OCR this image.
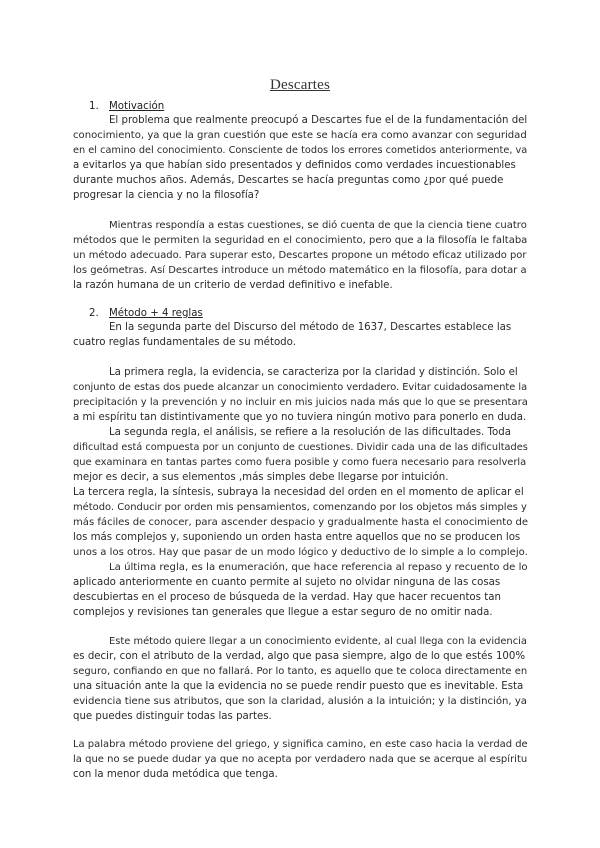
Descartes
1. Motivación
El problema que realmente preocupó a Descartes fue el de la fundamentación del
conocimiento, ya que la gran cuestión que este se hacía era como avanzar con seguridad
en el camino del conocimiento. Consciente de todos los errores cometidos anteriormente, va
a evitarlos ya que habían sido presentados y definidos como verdades incuestionables
durante muchos años. Además, Descartes se hacía preguntas como ¿por qué puede
progresar la ciencia y no la filosofía?
Mientras respondía a estas cuestiones, se dió cuenta de que la ciencia tiene cuatro
métodos que le permiten la seguridad en el conocimiento, pero que a la filosofía le faltaba
un método adecuado. Para superar esto, Descartes propone un método eficaz utilizado por
los geómetras. Así Descartes introduce un método matemático en la filosofía, para dotar a
la razón humana de un criterio de verdad definitivo e inefable.
2. Método + 4 reglas
En la segunda parte del Discurso del método de 1637, Descartes establece las
cuatro reglas fundamentales de su método.
La primera regla, la evidencia, se caracteriza por la claridad y distinción. Solo el
conjunto de estas dos puede alcanzar un conocimiento verdadero. Evitar cuidadosamente la
precipitación y la prevención y no incluir en mis juicios nada más que lo que se presentara
a mi espíritu tan distintivamente que yo no tuviera ningún motivo para ponerlo en duda.
La segunda regla, el análisis, se refiere a la resolución de las dificultades. Toda
dificultad está compuesta por un conjunto de cuestiones. Dividir cada una de las dificultades
que examinara en tantas partes como fuera posible y como fuera necesario para resolverla
mejor es decir, a sus elementos ,más simples debe llegarse por intuición.
La tercera regla, la síntesis, subraya la necesidad del orden en el momento de aplicar el
método. Conducir por orden mis pensamientos, comenzando por los objetos más simples y
más fáciles de conocer, para ascender despacio y gradualmente hasta el conocimiento de
los más complejos y, suponiendo un orden hasta entre aquellos que no se producen los
unos a los otros. Hay que pasar de un modo lógico y deductivo de lo simple a lo complejo.
La última regla, es la enumeración, que hace referencia al repaso y recuento de lo
aplicado anteriormente en cuanto permite al sujeto no olvidar ninguna de las cosas
descubiertas en el proceso de búsqueda de la verdad. Hay que hacer recuentos tan
complejos y revisiones tan generales que llegue a estar seguro de no omitir nada.
Este método quiere llegar a un conocimiento evidente, al cual llega con la evidencia
es decir, con el atributo de la verdad, algo que pasa siempre, algo de lo que estés 100%
seguro, confiando en que no fallará. Por lo tanto, es aquello que te coloca directamente en
una situación ante la que la evidencia no se puede rendir puesto que es inevitable. Esta
evidencia tiene sus atributos, que son la claridad, alusión a la intuición; y la distinción, ya
que puedes distinguir todas las partes.
La palabra método proviene del griego, y significa camino, en este caso hacia la verdad de
la que no se puede dudar ya que no acepta por verdadero nada que se acerque al espíritu
con la menor duda metódica que tenga.
